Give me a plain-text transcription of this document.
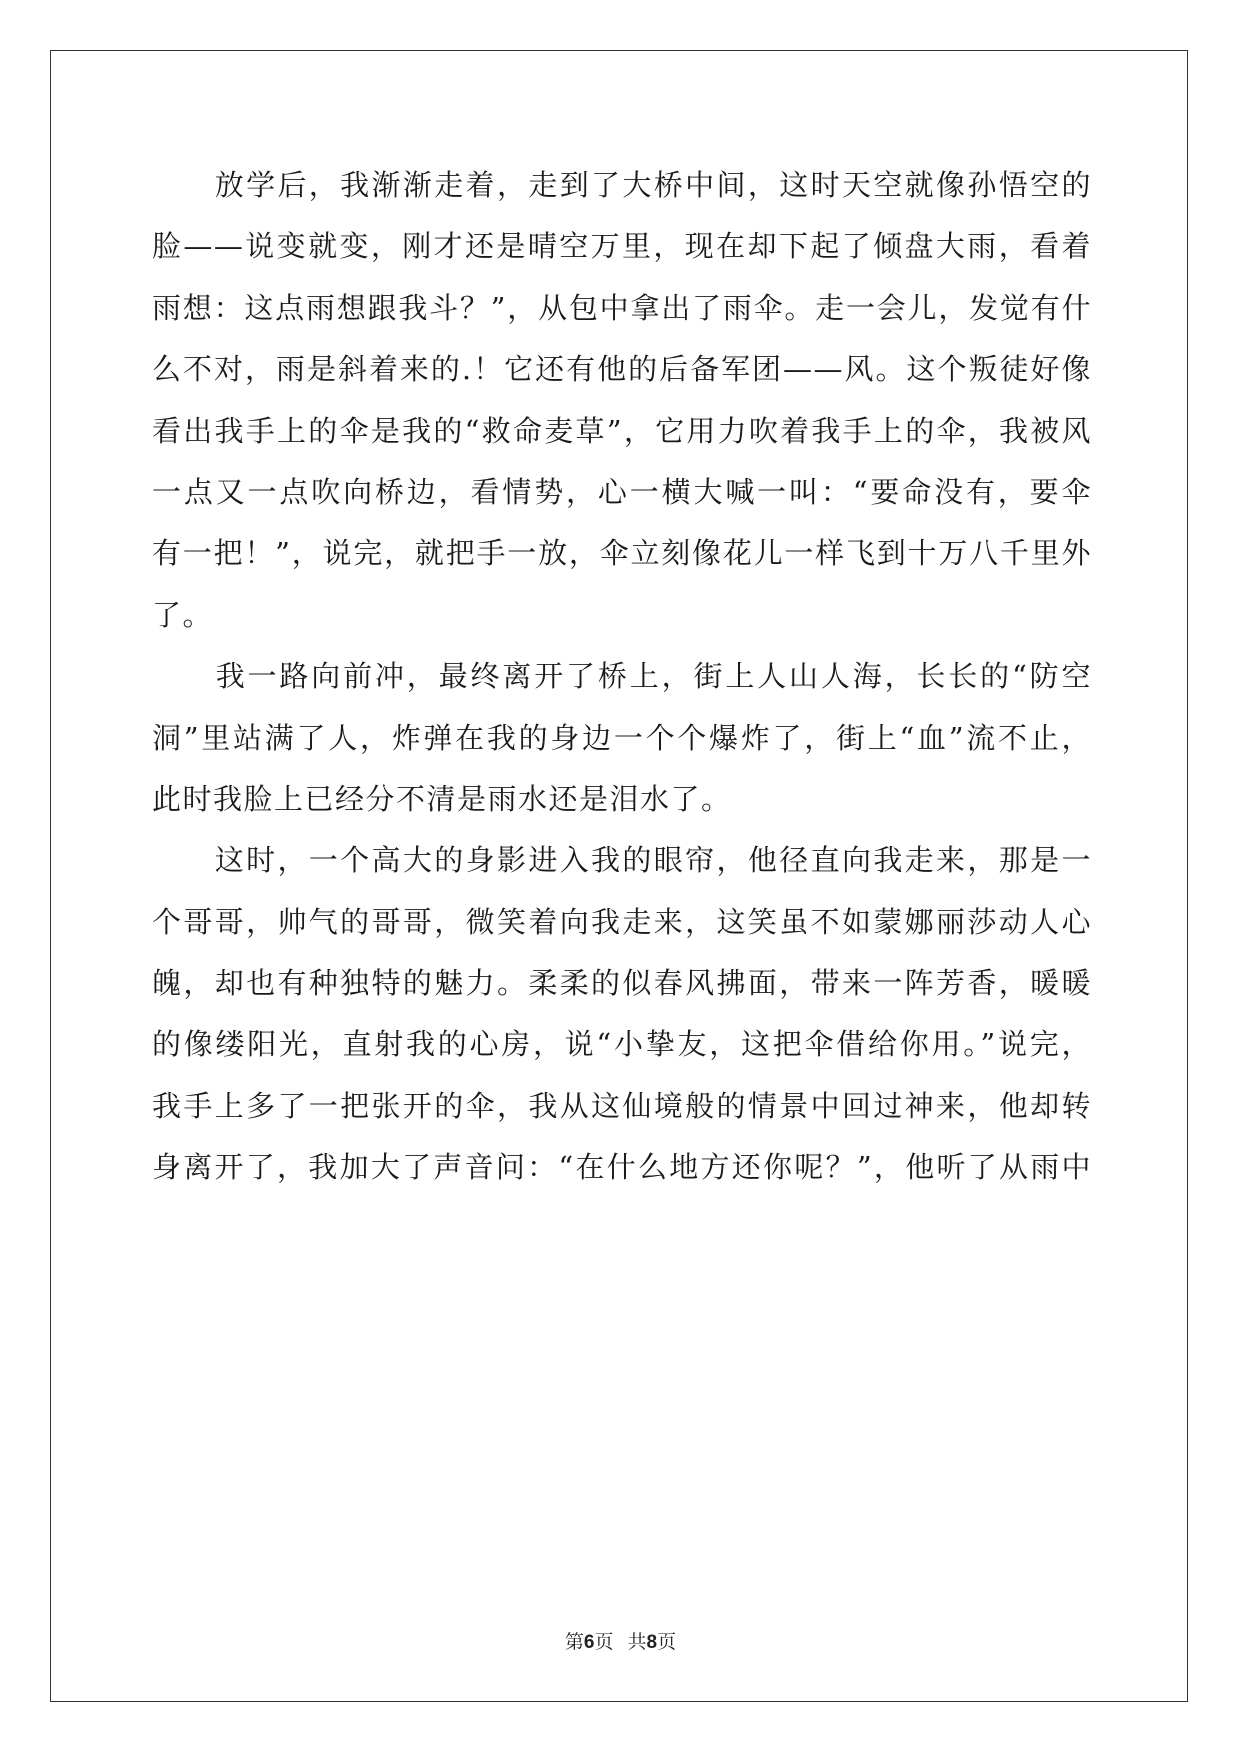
　　放学后，我渐渐走着，走到了大桥中间，这时天空就像孙悟空的
脸——说变就变，刚才还是晴空万里，现在却下起了倾盘大雨，看着
雨想：这点雨想跟我斗？”，从包中拿出了雨伞。走一会儿，发觉有什
么不对，雨是斜着来的.！它还有他的后备军团——风。这个叛徒好像
看出我手上的伞是我的“救命麦草”，它用力吹着我手上的伞，我被风
一点又一点吹向桥边，看情势，心一横大喊一叫：“要命没有，要伞
有一把！”，说完，就把手一放，伞立刻像花儿一样飞到十万八千里外
了。
　　我一路向前冲，最终离开了桥上，街上人山人海，长长的“防空
洞”里站满了人，炸弹在我的身边一个个爆炸了，街上“血”流不止，
此时我脸上已经分不清是雨水还是泪水了。
　　这时，一个高大的身影进入我的眼帘，他径直向我走来，那是一
个哥哥，帅气的哥哥，微笑着向我走来，这笑虽不如蒙娜丽莎动人心
魄，却也有种独特的魅力。柔柔的似春风拂面，带来一阵芳香，暖暖
的像缕阳光，直射我的心房，说“小挚友，这把伞借给你用。”说完，
我手上多了一把张开的伞，我从这仙境般的情景中回过神来，他却转
身离开了，我加大了声音问：“在什么地方还你呢？”，他听了从雨中
第6页 共8页
